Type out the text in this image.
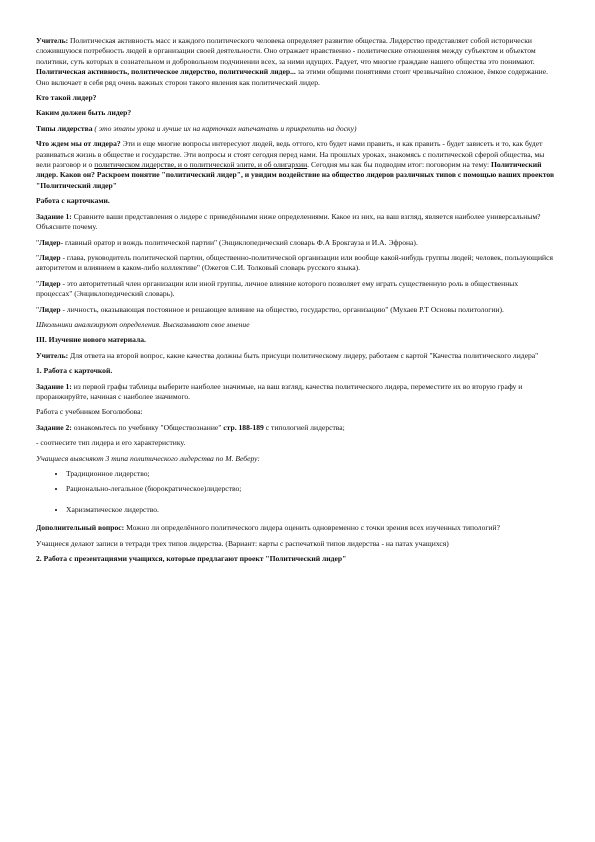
Учитель: Политическая активность масс и каждого политического человека определяет развитие общества. Лидерство представляет собой исторически сложившуюся потребность людей в организации своей деятельности. Оно отражает нравственно - политические отношения между субъектом и объектом политики, суть которых в сознательном и добровольном подчинении всех, за ними идущих. Радует, что многие граждане нашего общества это понимают. Политическая активность, политическое лидерство, политический лидер... за этими общими понятиями стоит чрезвычайно сложное, ёмкое содержание. Оно включает в себя ряд очень важных сторон такого явления как политический лидер.

Кто такой лидер?

Каким должен быть лидер?

Типы лидерства ( это этапы урока и лучше их на карточках напечатать и прикрепить на доску)

Что ждем мы от лидера? Эти и еще многие вопросы интересуют людей, ведь оттого, кто будет нами править, и как править - будет зависеть и то, как будет развиваться жизнь в обществе и государстве. Эти вопросы и стоят сегодня перед нами. На прошлых уроках, знакомясь с политической сферой общества, мы вели разговор и о политическом лидерстве, и о политической элите, и об олигархии. Сегодня мы как бы подводим итог: поговорим на тему: Политический лидер. Каков он? Раскроем понятие "политический лидер", и увидим воздействие на общество лидеров различных типов с помощью ваших проектов "Политический лидер"

Работа с карточками.

Задание 1: Сравните ваши представления о лидере с приведёнными ниже определениями. Какое из них, на ваш взгляд, является наиболее универсальным? Объясните почему.

"Лидер- главный оратор и вождь политической партии" (Энциклопедический словарь Ф.А Брокгауза и И.А. Эфрона).

"Лидер - глава, руководитель политической партии, общественно-политической организации или вообще какой-нибудь группы людей; человек, пользующийся авторитетом и влиянием в каком-либо коллективе" (Ожегов С.И. Толковый словарь русского языка).

"Лидер - это авторитетный член организации или иной группы, личное влияние которого позволяет ему играть существенную роль в общественных процессах" (Энциклопедический словарь).

"Лидер - личность, оказывающая постоянное и решающее влияние на общество, государство, организацию" (Мухаев Р.Т Основы политологии).

Школьники анализируют определения. Высказывают свое мнение

III. Изучение нового материала.

Учитель: Для ответа на второй вопрос, какие качества должны быть присущи политическому лидеру, работаем с картой "Качества политического лидера"

1. Работа с карточкой.

Задание 1: из первой графы таблицы выберите наиболее значимые, на ваш взгляд, качества политического лидера, переместите их во вторую графу и проранжируйте, начиная с наиболее значимого.

Работа с учебником Боголюбова:

Задание 2: ознакомьтесь по учебнику "Обществознание" стр. 188-189 с типологией лидерства;

- соотнесите тип лидера и его характеристику.

Учащиеся выясняют 3 типа политического лидерства по М. Веберу:

• Традиционное лидерство;
• Рационально-легальное (бюрократическое)лидерство;
• Харизматическое лидерство.

Дополнительный вопрос: Можно ли определённого политического лидера оценить одновременно с точки зрения всех изученных типологий?

Учащиеся делают записи в тетради трех типов лидерства. (Вариант: карты с распечаткой типов лидерства - на патах учащихся)

2. Работа с презентациями учащихся, которые предлагают проект "Политический лидер"
